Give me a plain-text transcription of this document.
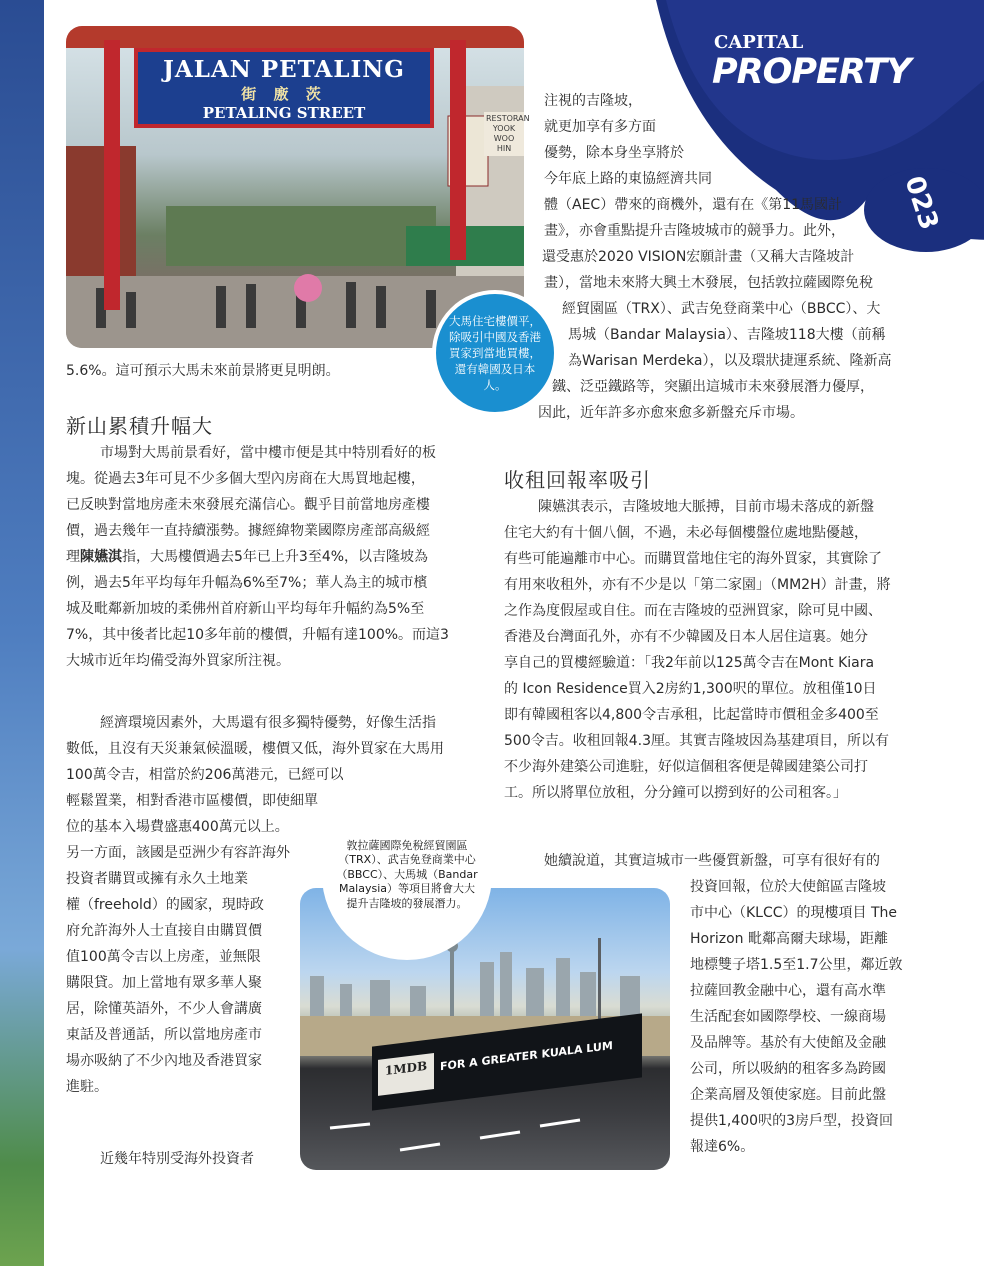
JALAN PETALING
街 廒 茨
PETALING STREET	RESTORAN YOOK WOO HIN
CAPITAL
PROPERTY
023
大馬住宅樓價平，除吸引中國及香港買家到當地買樓，還有韓國及日本人。
注視的吉隆坡，
就更加享有多方面
優勢，除本身坐享將於
今年底上路的東協經濟共同
體（AEC）帶來的商機外，還有在《第11馬國計
畫》，亦會重點提升吉隆坡城市的競爭力。此外，
還受惠於2020 VISION宏願計畫（又稱大吉隆坡計
畫），當地未來將大興土木發展，包括敦拉薩國際免稅
經貿園區（TRX）、武吉免登商業中心（BBCC）、大
馬城（Bandar Malaysia）、吉隆坡118大樓（前稱
為Warisan Merdeka），以及環狀捷運系統、隆新高
鐵、泛亞鐵路等，突顯出這城市未來發展潛力優厚，
因此，近年許多亦愈來愈多新盤充斥市場。
5.6%。這可預示大馬未來前景將更見明朗。
新山累積升幅大
市場對大馬前景看好，當中樓市便是其中特別看好的板
塊。從過去3年可見不少多個大型內房商在大馬買地起樓，
已反映對當地房產未來發展充滿信心。觀乎目前當地房產樓
價，過去幾年一直持續漲勢。據經緯物業國際房產部高級經
理陳嬿淇指，大馬樓價過去5年已上升3至4%，以吉隆坡為
例，過去5年平均每年升幅為6%至7%；華人為主的城市檳
城及毗鄰新加坡的柔佛州首府新山平均每年升幅約為5%至
7%，其中後者比起10多年前的樓價，升幅有達100%。而這3
大城市近年均備受海外買家所注視。
經濟環境因素外，大馬還有很多獨特優勢，好像生活指
數低，且沒有天災兼氣候溫暖，樓價又低，海外買家在大馬用
100萬令吉，相當於約206萬港元，已經可以
輕鬆置業，相對香港市區樓價，即使細單
位的基本入場費盛惠400萬元以上。
另一方面，該國是亞洲少有容許海外
投資者購買或擁有永久土地業
權（freehold）的國家，現時政
府允許海外人士直接自由購買價
值100萬令吉以上房產，並無限
購限貸。加上當地有眾多華人聚
居，除懂英語外，不少人會講廣
東話及普通話，所以當地房產市
場亦吸納了不少內地及香港買家
進駐。
近幾年特別受海外投資者
1MDB	FOR A GREATER KUALA LUM
敦拉薩國際免稅經貿園區（TRX）、武吉免登商業中心（BBCC）、大馬城（Bandar Malaysia）等項目將會大大提升吉隆坡的發展潛力。
收租回報率吸引
陳嬿淇表示，吉隆坡地大脈搏，目前市場未落成的新盤
住宅大約有十個八個，不過，未必每個樓盤位處地點優越，
有些可能遍離市中心。而購買當地住宅的海外買家，其實除了
有用來收租外，亦有不少是以「第二家園」（MM2H）計畫，將
之作為度假屋或自住。而在吉隆坡的亞洲買家，除可見中國、
香港及台灣面孔外，亦有不少韓國及日本人居住這裏。她分
享自己的買樓經驗道：「我2年前以125萬令吉在Mont Kiara
的 Icon Residence買入2房約1,300呎的單位。放租僅10日
即有韓國租客以4,800令吉承租，比起當時市價租金多400至
500令吉。收租回報4.3厘。其實吉隆坡因為基建項目，所以有
不少海外建築公司進駐，好似這個租客便是韓國建築公司打
工。所以將單位放租，分分鐘可以撈到好的公司租客。」
她續說道，其實這城市一些優質新盤，可享有很好有的
投資回報，位於大使館區吉隆坡
市中心（KLCC）的現樓項目 The
Horizon 毗鄰高爾夫球場，距離
地標雙子塔1.5至1.7公里，鄰近敦
拉薩回教金融中心，還有高水準
生活配套如國際學校、一線商場
及品牌等。基於有大使館及金融
公司，所以吸納的租客多為跨國
企業高層及領使家庭。目前此盤
提供1,400呎的3房戶型，投資回
報達6%。
